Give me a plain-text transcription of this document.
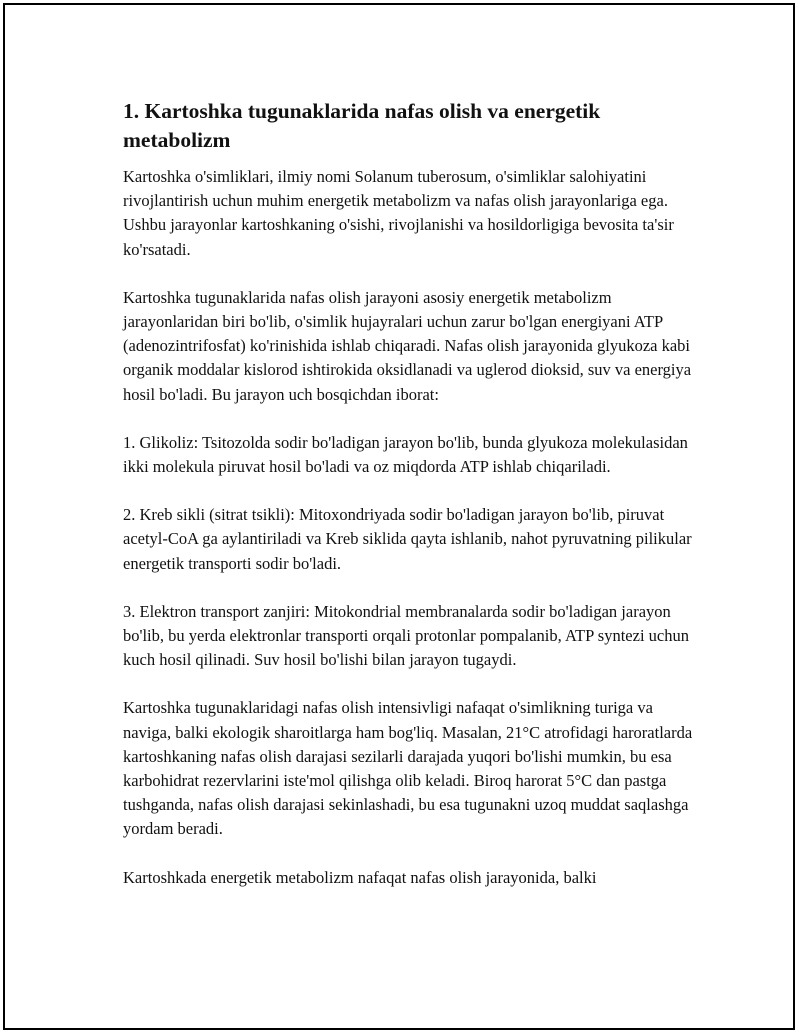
1. Kartoshka tugunaklarida nafas olish va energetik metabolizm

Kartoshka o'simliklari, ilmiy nomi Solanum tuberosum, o'simliklar salohiyatini rivojlantirish uchun muhim energetik metabolizm va nafas olish jarayonlariga ega. Ushbu jarayonlar kartoshkaning o'sishi, rivojlanishi va hosildorligiga bevosita ta'sir ko'rsatadi.

Kartoshka tugunaklarida nafas olish jarayoni asosiy energetik metabolizm jarayonlaridan biri bo'lib, o'simlik hujayralari uchun zarur bo'lgan energiyani ATP (adenozintrifosfat) ko'rinishida ishlab chiqaradi. Nafas olish jarayonida glyukoza kabi organik moddalar kislorod ishtirokida oksidlanadi va uglerod dioksid, suv va energiya hosil bo'ladi. Bu jarayon uch bosqichdan iborat:

1. Glikoliz: Tsitozolda sodir bo'ladigan jarayon bo'lib, bunda glyukoza molekulasidan ikki molekula piruvat hosil bo'ladi va oz miqdorda ATP ishlab chiqariladi.

2. Kreb sikli (sitrat tsikli): Mitoxondriyada sodir bo'ladigan jarayon bo'lib, piruvat acetyl-CoA ga aylantiriladi va Kreb siklida qayta ishlanib, nahot pyruvatning pilikular energetik transporti sodir bo'ladi.

3. Elektron transport zanjiri: Mitokondrial membranalarda sodir bo'ladigan jarayon bo'lib, bu yerda elektronlar transporti orqali protonlar pompalanib, ATP syntezi uchun kuch hosil qilinadi. Suv hosil bo'lishi bilan jarayon tugaydi.

Kartoshka tugunaklaridagi nafas olish intensivligi nafaqat o'simlikning turiga va naviga, balki ekologik sharoitlarga ham bog'liq. Masalan, 21°C atrofidagi haroratlarda kartoshkaning nafas olish darajasi sezilarli darajada yuqori bo'lishi mumkin, bu esa karbohidrat rezervlarini iste'mol qilishga olib keladi. Biroq harorat 5°C dan pastga tushganda, nafas olish darajasi sekinlashadi, bu esa tugunakni uzoq muddat saqlashga yordam beradi.

Kartoshkada energetik metabolizm nafaqat nafas olish jarayonida, balki
